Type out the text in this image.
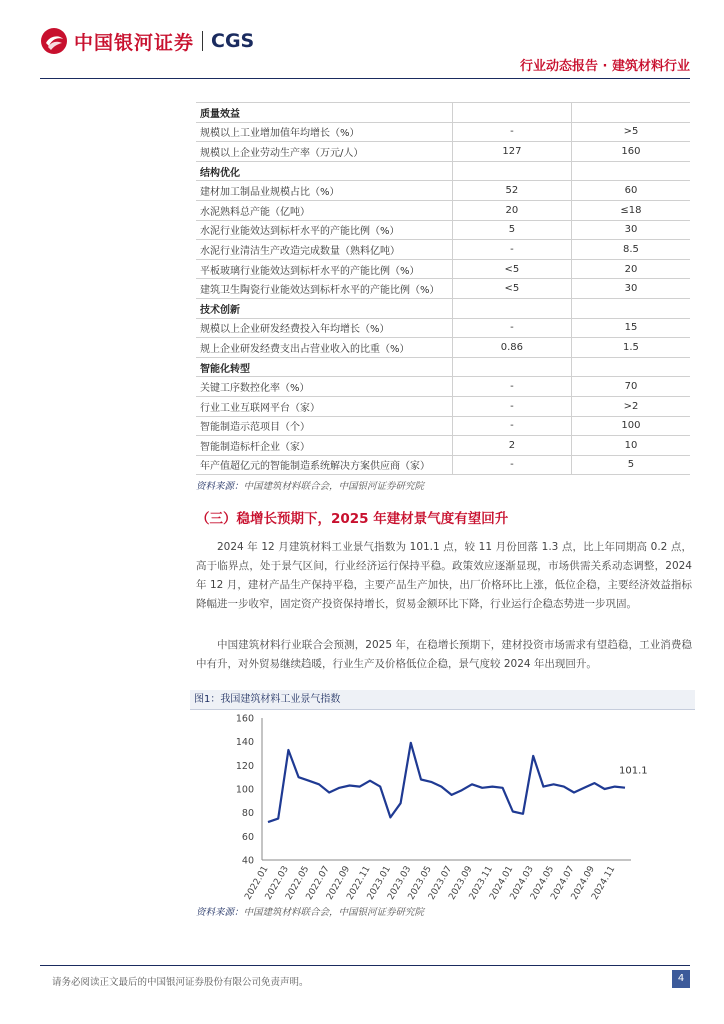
中国银河证券 CGS
行业动态报告 · 建筑材料行业
质量效益		
规模以上工业增加值年均增长（%）	-	>5
规模以上企业劳动生产率（万元/人）	127	160
结构优化		
建材加工制品业规模占比（%）	52	60
水泥熟料总产能（亿吨）	20	≤18
水泥行业能效达到标杆水平的产能比例（%）	5	30
水泥行业清洁生产改造完成数量（熟料亿吨）	-	8.5
平板玻璃行业能效达到标杆水平的产能比例（%）	<5	20
建筑卫生陶瓷行业能效达到标杆水平的产能比例（%）	<5	30
技术创新		
规模以上企业研发经费投入年均增长（%）	-	15
规上企业研发经费支出占营业收入的比重（%）	0.86	1.5
智能化转型		
关键工序数控化率（%）	-	70
行业工业互联网平台（家）	-	>2
智能制造示范项目（个）	-	100
智能制造标杆企业（家）	2	10
年产值超亿元的智能制造系统解决方案供应商（家）	-	5
资料来源：中国建筑材料联合会，中国银河证券研究院
（三）稳增长预期下，2025 年建材景气度有望回升
2024 年 12 月建筑材料工业景气指数为 101.1 点，较 11 月份回落 1.3 点，比上年同期高 0.2 点，高于临界点，处于景气区间，行业经济运行保持平稳。政策效应逐渐显现，市场供需关系动态调整，2024 年 12 月，建材产品生产保持平稳，主要产品生产加快，出厂价格环比上涨，低位企稳，主要经济效益指标降幅进一步收窄，固定资产投资保持增长，贸易金额环比下降，行业运行企稳态势进一步巩固。
中国建筑材料行业联合会预测，2025 年，在稳增长预期下，建材投资市场需求有望趋稳，工业消费稳中有升，对外贸易继续趋暖，行业生产及价格低位企稳，景气度较 2024 年出现回升。
图1：我国建筑材料工业景气指数
40
60
80
100
120
140
160
2022.01
2022.03
2022.05
2022.07
2022.09
2022.11
2023.01
2023.03
2023.05
2023.07
2023.09
2023.11
2024.01
2024.03
2024.05
2024.07
2024.09
2024.11
101.1
资料来源：中国建筑材料联合会，中国银河证券研究院
请务必阅读正文最后的中国银河证券股份有限公司免责声明。	4
